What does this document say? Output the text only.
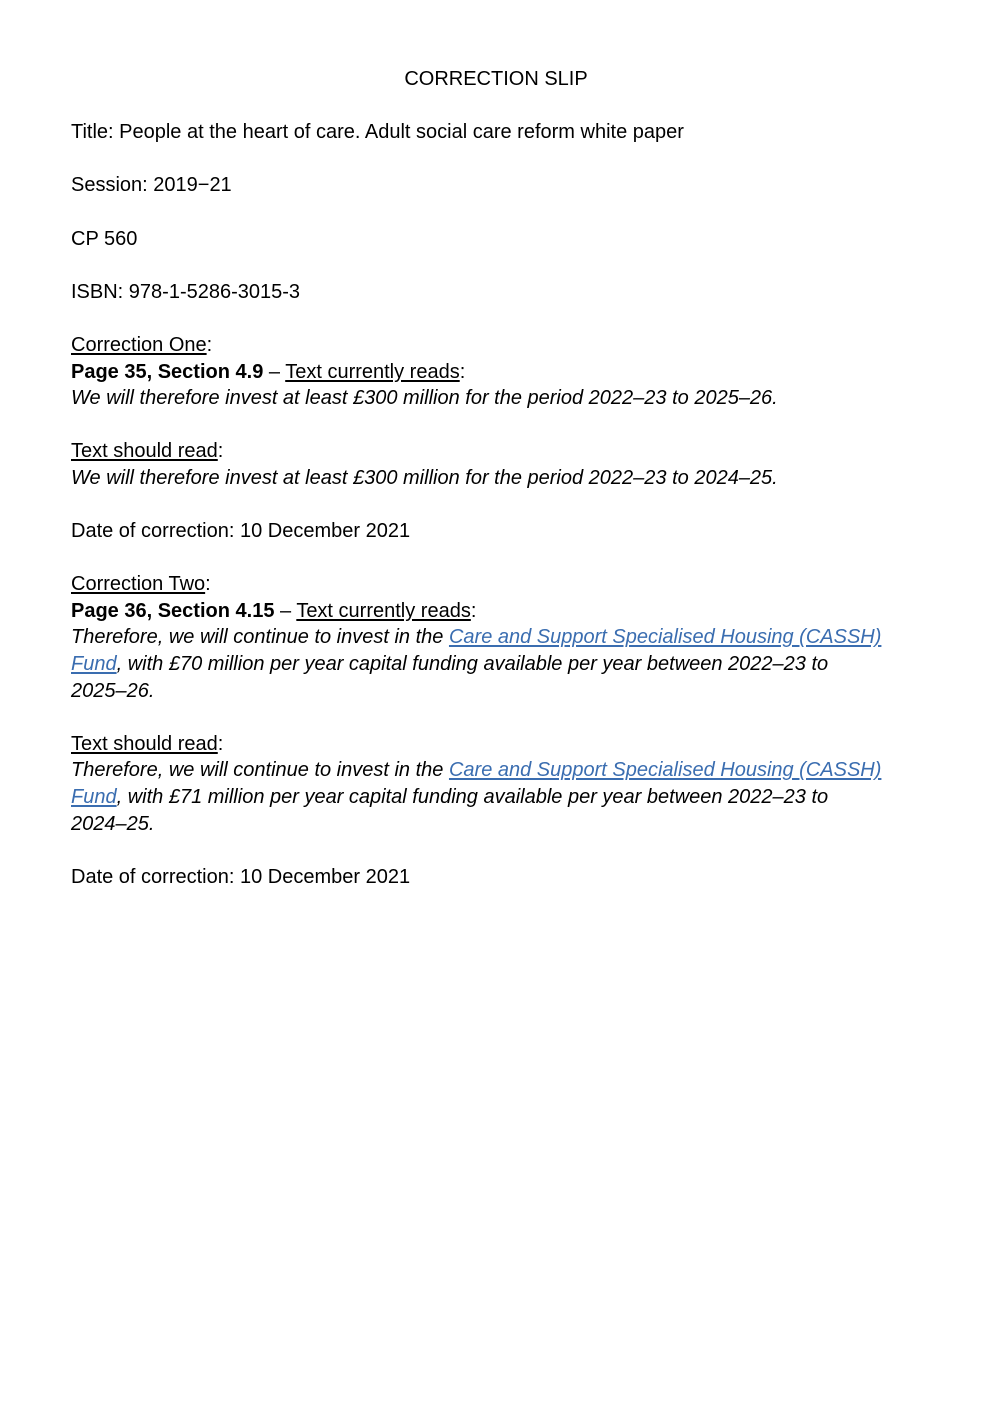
CORRECTION SLIP

Title: People at the heart of care. Adult social care reform white paper

Session: 2019−21

CP 560

ISBN: 978-1-5286-3015-3

Correction One:

Page 35, Section 4.9 – Text currently reads:

We will therefore invest at least £300 million for the period 2022–23 to 2025–26.

Text should read:

We will therefore invest at least £300 million for the period 2022–23 to 2024–25.

Date of correction: 10 December 2021

Correction Two:

Page 36, Section 4.15 – Text currently reads:

Therefore, we will continue to invest in the Care and Support Specialised Housing (CASSH) Fund, with £70 million per year capital funding available per year between 2022–23 to 2025–26.

Text should read:

Therefore, we will continue to invest in the Care and Support Specialised Housing (CASSH) Fund, with £71 million per year capital funding available per year between 2022–23 to 2024–25.

Date of correction: 10 December 2021
